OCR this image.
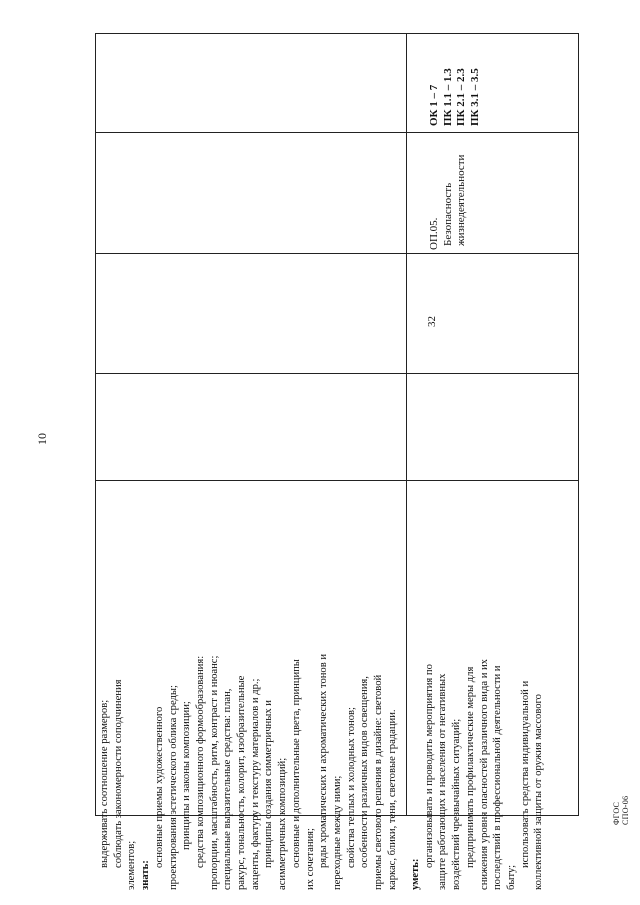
10
ФГОС СПО-06
выдерживать соотношение размеров; соблюдать закономерности соподчинения элементов; знать:
основные приемы художественного проектирования эстетического облика среды; принципы и законы композиции; средства композиционного формообразования: пропорции, масштабность, ритм, контраст и нюанс; специальные выразительные средства: план, ракурс, тональность, колорит, изобразительные акценты, фактуру и текстуру материалов и др.; принципы создания симметричных и асимметричных композиций; основные и дополнительные цвета, принципы их сочетания; ряды хроматических и ахроматических тонов и переходные между ними; свойства теплых и холодных тонов; особенности различных видов освещения, приемы светового решения в дизайне: световой каркас, блики, тени, световые градации. уметь:
организовывать и проводить мероприятия по защите работающих и населения от негативных воздействий чрезвычайных ситуаций; предпринимать профилактические меры для снижения уровня опасностей различного вида и их последствий в профессиональной деятельности и быту;
использовать средства индивидуальной и коллективной защиты от оружия массового
32
ОП.05. Безопасность жизнедеятельности
ОК 1 – 7 ПК 1.1 – 1.3 ПК 2.1 – 2.3 ПК 3.1 – 3.5
